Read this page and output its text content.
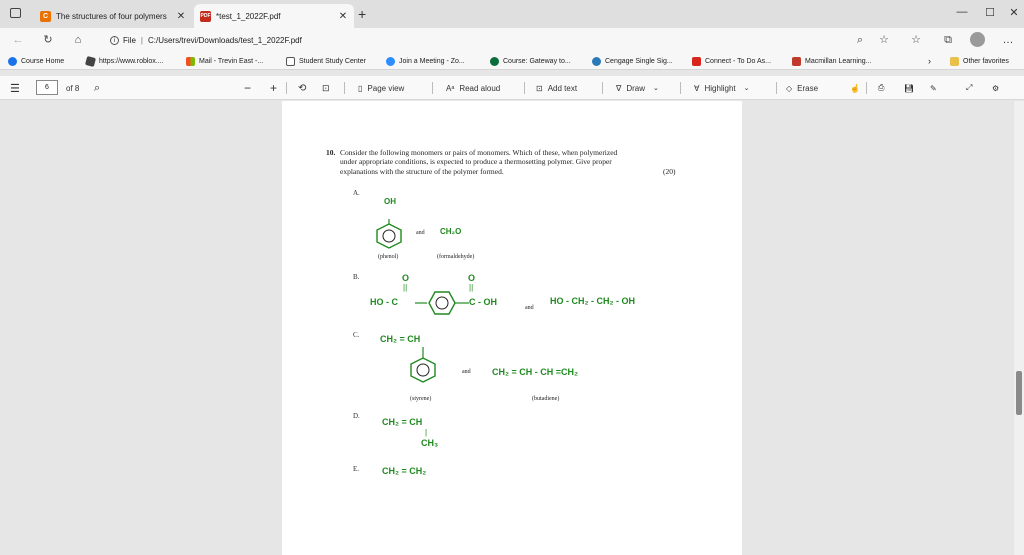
C The structures of four polymers	✕	PDF *test_1_2022F.pdf	✕ +	—	☐	✕
←	↻	⌂	i File | C:/Users/trevi/Downloads/test_1_2022F.pdf	⌕	☆ ☆	⧉	…
Course Home	https://www.roblox....	Mail - Trevin East -...	Student Study Center	Join a Meeting - Zo...	Course: Gateway to...	Cengage Single Sig...	Connect - To Do As...	Macmillan Learning...	›	Other favorites
☰	6	of 8 ⌕	− + ⟲ ⊡	▯ Page view	Aᵃ Read aloud	⊡ Add text	∇ Draw ⌄	∀ Highlight ⌄	◇ Erase	☝ ⎙ 💾︎ ✎	⤢ ⚙
10. Consider the following monomers or pairs of monomers. Which of these, when polymerized
under appropriate conditions, is expected to produce a thermosetting polymer. Give proper
explanations with the structure of the polymer formed.	(20)
A.
OH
and CH₂O
(phenol)	(formaldehyde)
B.	O	O
||	||
HO - C	C - OH
and
HO - CH₂ - CH₂ - OH
C. CH₂ = CH
and CH₂ = CH - CH =CH₂
(styrene)	(butadiene)
D.
CH₂ = CH
|
CH₃
E.	CH₂ = CH₂
